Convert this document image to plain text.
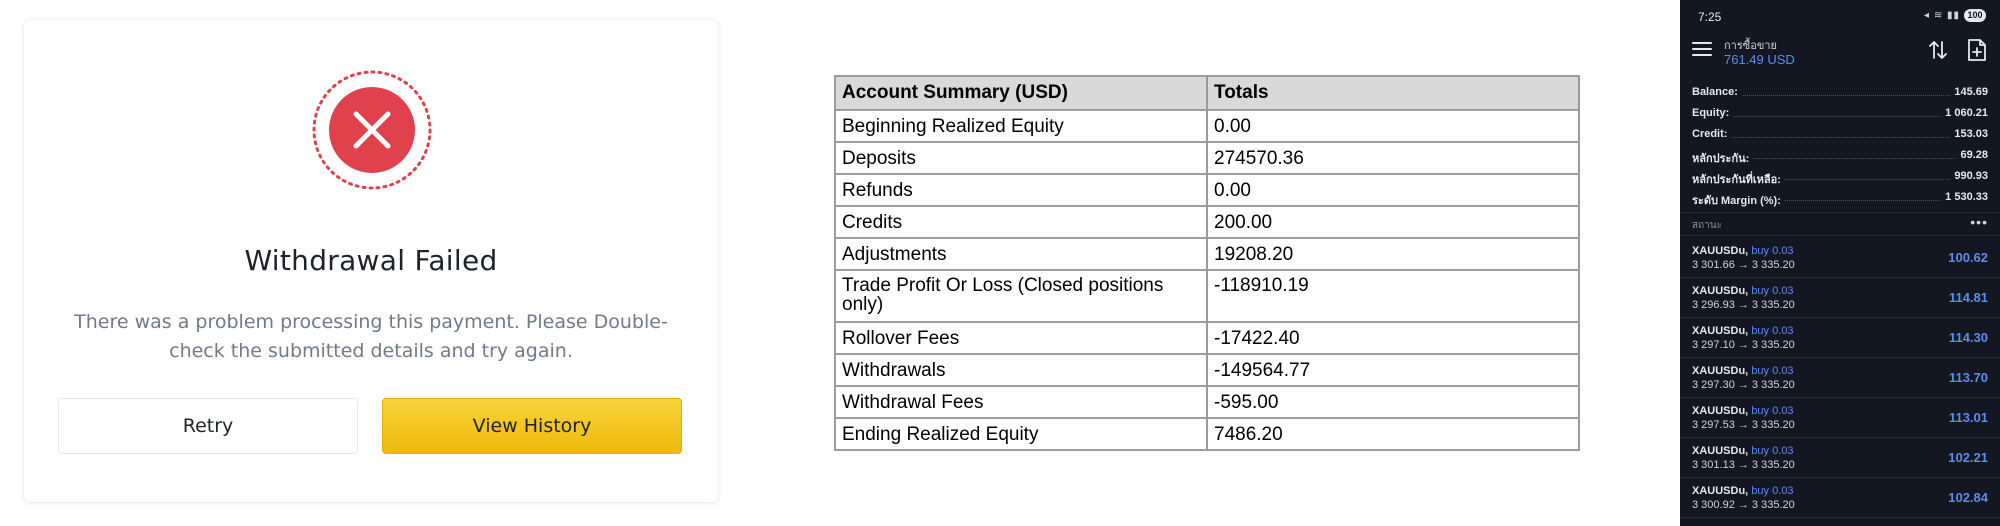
Withdrawal Failed
There was a problem processing this payment. Please Double-check the submitted details and try again.
Retry	View History
Account Summary (USD)	Totals
Beginning Realized Equity	0.00
Deposits	274570.36
Refunds	0.00
Credits	200.00
Adjustments	19208.20
Trade Profit Or Loss (Closed positions only)	-118910.19
Rollover Fees	-17422.40
Withdrawals	-149564.77
Withdrawal Fees	-595.00
Ending Realized Equity	7486.20
7:25	◂ ≋ ▮▮ 100
การซื้อขาย
761.49 USD
Balance:	145.69
Equity:	1 060.21
Credit:	153.03
หลักประกัน:	69.28
หลักประกันที่เหลือ:	990.93
ระดับ Margin (%):	1 530.33
สถานะ	•••
XAUUSDu, buy 0.03
3 301.66 → 3 335.20	100.62
XAUUSDu, buy 0.03
3 296.93 → 3 335.20	114.81
XAUUSDu, buy 0.03
3 297.10 → 3 335.20	114.30
XAUUSDu, buy 0.03
3 297.30 → 3 335.20	113.70
XAUUSDu, buy 0.03
3 297.53 → 3 335.20	113.01
XAUUSDu, buy 0.03
3 301.13 → 3 335.20	102.21
XAUUSDu, buy 0.03
3 300.92 → 3 335.20	102.84
